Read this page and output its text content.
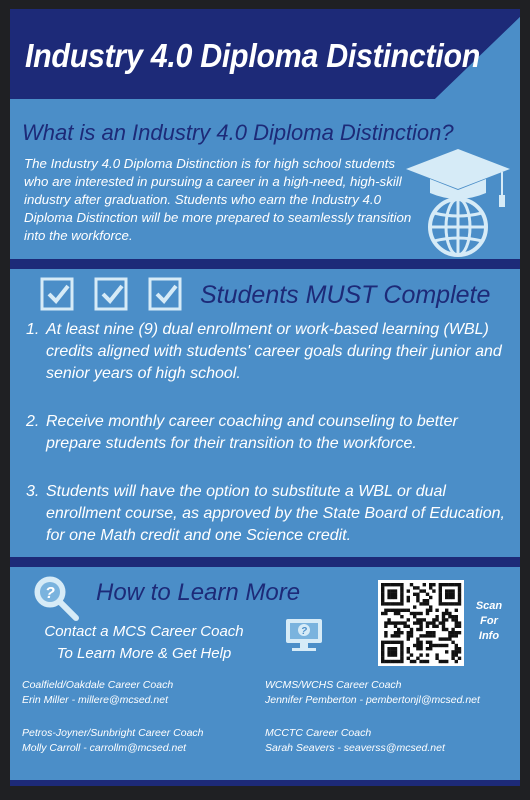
Industry 4.0 Diploma Distinction
What is an Industry 4.0 Diploma Distinction?

The Industry 4.0 Diploma Distinction is for high school students who are interested in pursuing a career in a high-need, high-skill industry after graduation. Students who earn the Industry 4.0 Diploma Distinction will be more prepared to seamlessly transition into the workforce.

Students MUST Complete
1. At least nine (9) dual enrollment or work-based learning (WBL) credits aligned with students' career goals during their junior and senior years of high school.
2. Receive monthly career coaching and counseling to better prepare students for their transition to the workforce.
3. Students will have the option to substitute a WBL or dual enrollment course, as approved by the State Board of Education, for one Math credit and one Science credit.
? How to Learn More

Contact a MCS Career Coach

To Learn More & Get Help

?
Scan
For
Info
Coalfield/Oakdale Career Coach
Erin Miller - millere@mcsed.net
WCMS/WCHS Career Coach
Jennifer Pemberton - pembertonjl@mcsed.net
Petros-Joyner/Sunbright Career Coach
Molly Carroll - carrollm@mcsed.net
MCCTC Career Coach
Sarah Seavers - seaverss@mcsed.net
